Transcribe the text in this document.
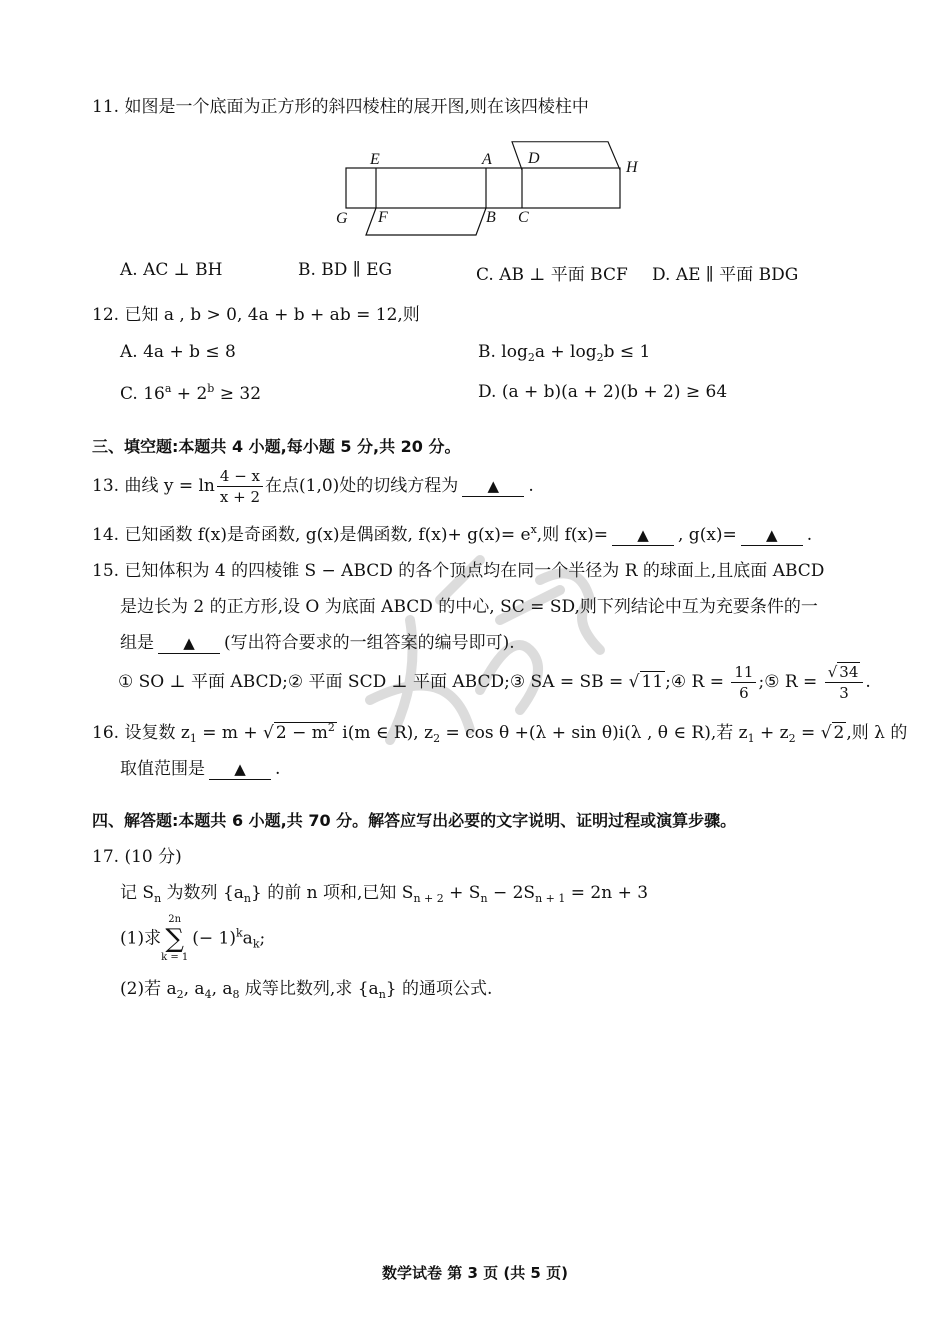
11. 如图是一个底面为正方形的斜四棱柱的展开图,则在该四棱柱中
E	A D
H
G F	B C
A. AC ⊥ BH	B. BD ∥ EG	C. AB ⊥ 平面 BCF D. AE ∥ 平面 BDG
12. 已知 a , b > 0, 4a + b + ab = 12,则
A. 4a + b ≤ 8	B. $\log_2a + \log_2b \le 1$
C. $16^a + 2^b \ge 32$	D. (a + b)(a + 2)(b + 2) ≥ 64
三、填空题:本题共 4 小题,每小题 5 分,共 20 分。
13. 曲线 $y = \ln \frac{4 - x}{x + 2}$ 在点(1,0)处的切线方程为 ▲ .
14. 已知函数 f(x)是奇函数, g(x)是偶函数, $f(x)+ g(x)= e^x$,则 f(x)= ▲ , g(x)= ▲ .
15. 已知体积为 4 的四棱锥 S − ABCD 的各个顶点均在同一个半径为 R 的球面上,且底面 ABCD
是边长为 2 的正方形,设 O 为底面 ABCD 的中心, SC = SD,则下列结论中互为充要条件的一
组是 ▲ (写出符合要求的一组答案的编号即可).
① SO ⊥ 平面 ABCD;② 平面 SCD ⊥ 平面 ABCD;③ SA = SB = √ 11 ;④ $R = \frac{11}{6}$ ;⑤ $R = \frac{√ 34}{3}$ .
16. 设复数 $z_1 = m$ + √ $2 - m^2$ i(m ∈ R), $z_2 = \cos \theta +(\lambda + \sin \theta)i(\lambda$ , θ ∈ R),若 $z_1 + z_2$ = √ 2 ,则 λ 的
取值范围是 ▲ .
四、解答题:本题共 6 小题,共 70 分。解答应写出必要的文字说明、证明过程或演算步骤。
17. (10 分)
记 $S_n$ 为数列 $\{a_n\}$ 的前 n 项和,已知 $S_{n + 2} + S_n - 2S_{n + 1} = 2n + 3$
(1)求
2n
∑
k = 1
(− $1)^ka_k$;
(2)若 $a_2$, $a_4$, $a_8$ 成等比数列,求 $\{a_n\}$ 的通项公式.
数学试卷 第 3 页 (共 5 页)
